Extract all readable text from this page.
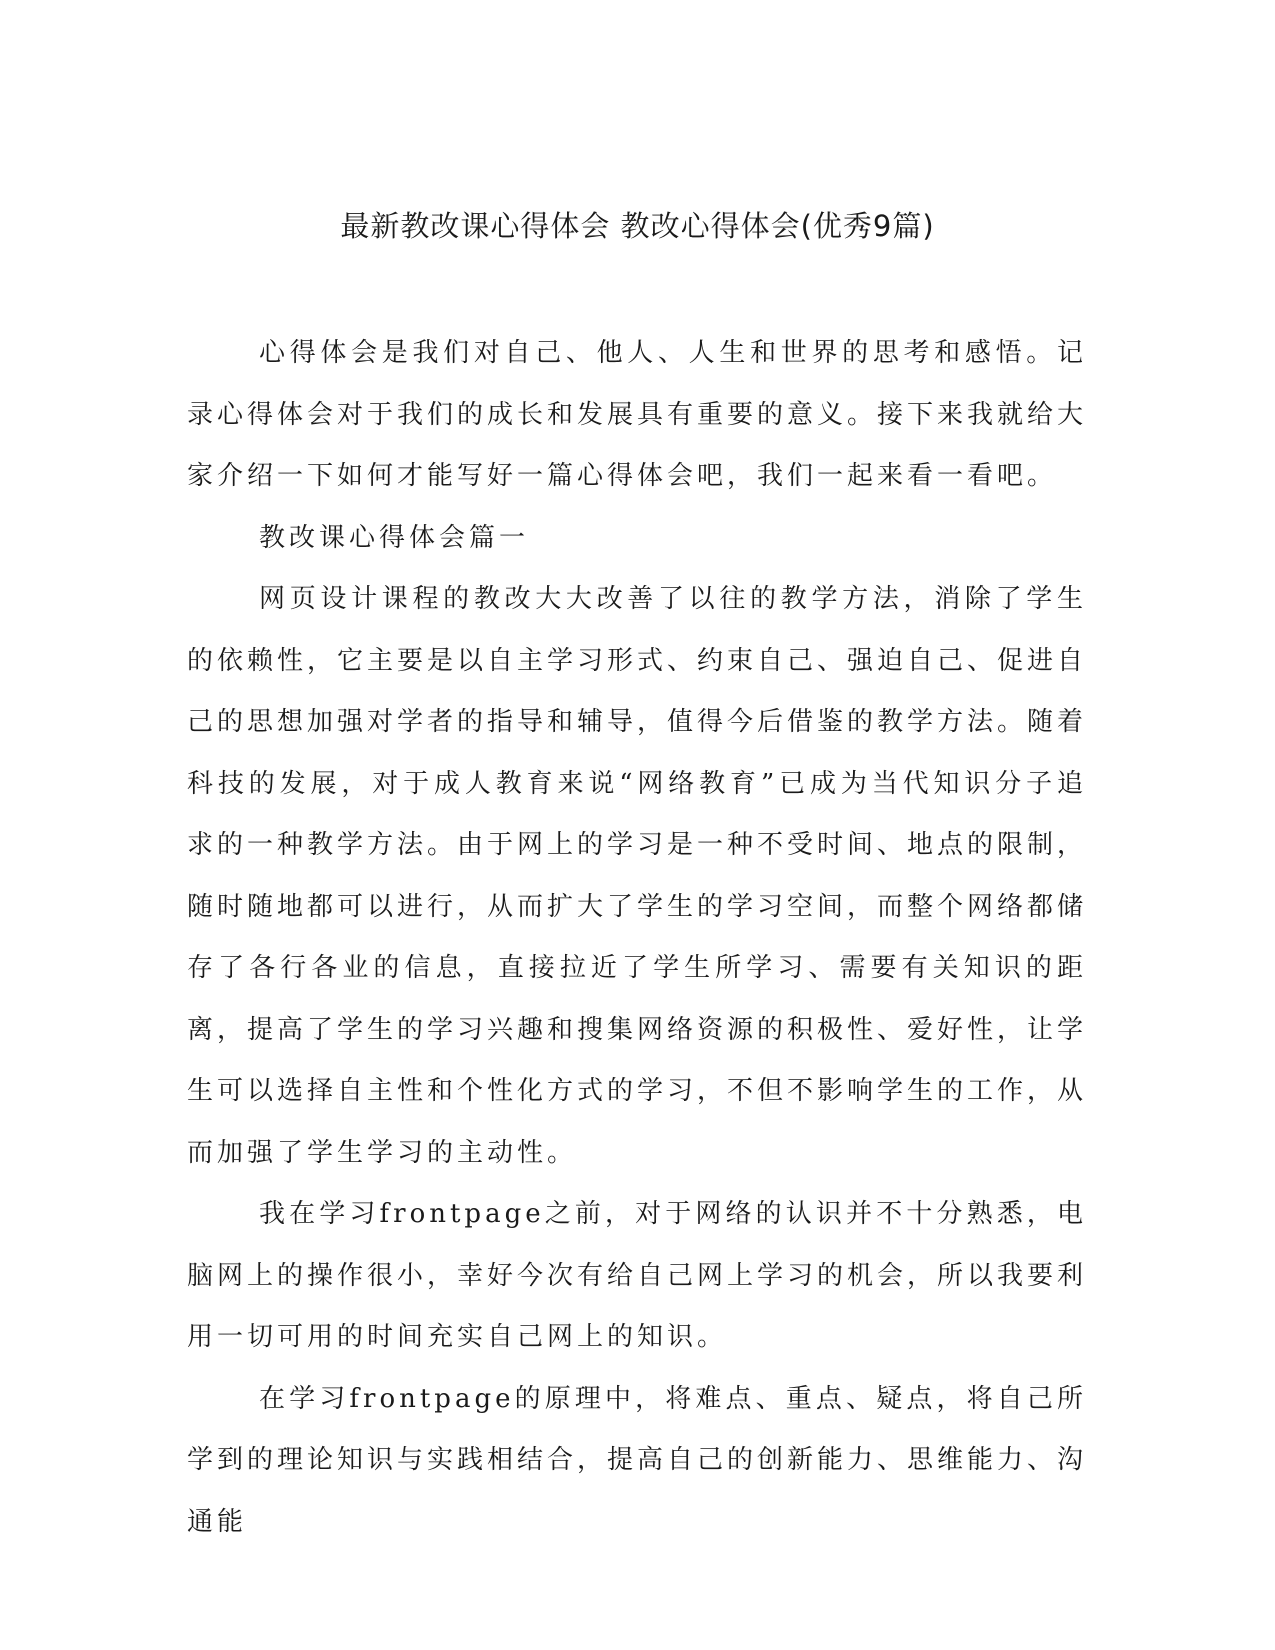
最新教改课心得体会 教改心得体会(优秀9篇)

心得体会是我们对自己、他人、人生和世界的思考和感悟。记录心得体会对于我们的成长和发展具有重要的意义。接下来我就给大家介绍一下如何才能写好一篇心得体会吧，我们一起来看一看吧。

教改课心得体会篇一

网页设计课程的教改大大改善了以往的教学方法，消除了学生的依赖性，它主要是以自主学习形式、约束自己、强迫自己、促进自己的思想加强对学者的指导和辅导，值得今后借鉴的教学方法。随着科技的发展，对于成人教育来说“网络教育”已成为当代知识分子追求的一种教学方法。由于网上的学习是一种不受时间、地点的限制，随时随地都可以进行，从而扩大了学生的学习空间，而整个网络都储存了各行各业的信息，直接拉近了学生所学习、需要有关知识的距离，提高了学生的学习兴趣和搜集网络资源的积极性、爱好性，让学生可以选择自主性和个性化方式的学习，不但不影响学生的工作，从而加强了学生学习的主动性。

我在学习frontpage之前，对于网络的认识并不十分熟悉，电脑网上的操作很小，幸好今次有给自己网上学习的机会，所以我要利用一切可用的时间充实自己网上的知识。

在学习frontpage的原理中，将难点、重点、疑点，将自己所学到的理论知识与实践相结合，提高自己的创新能力、思维能力、沟通能
